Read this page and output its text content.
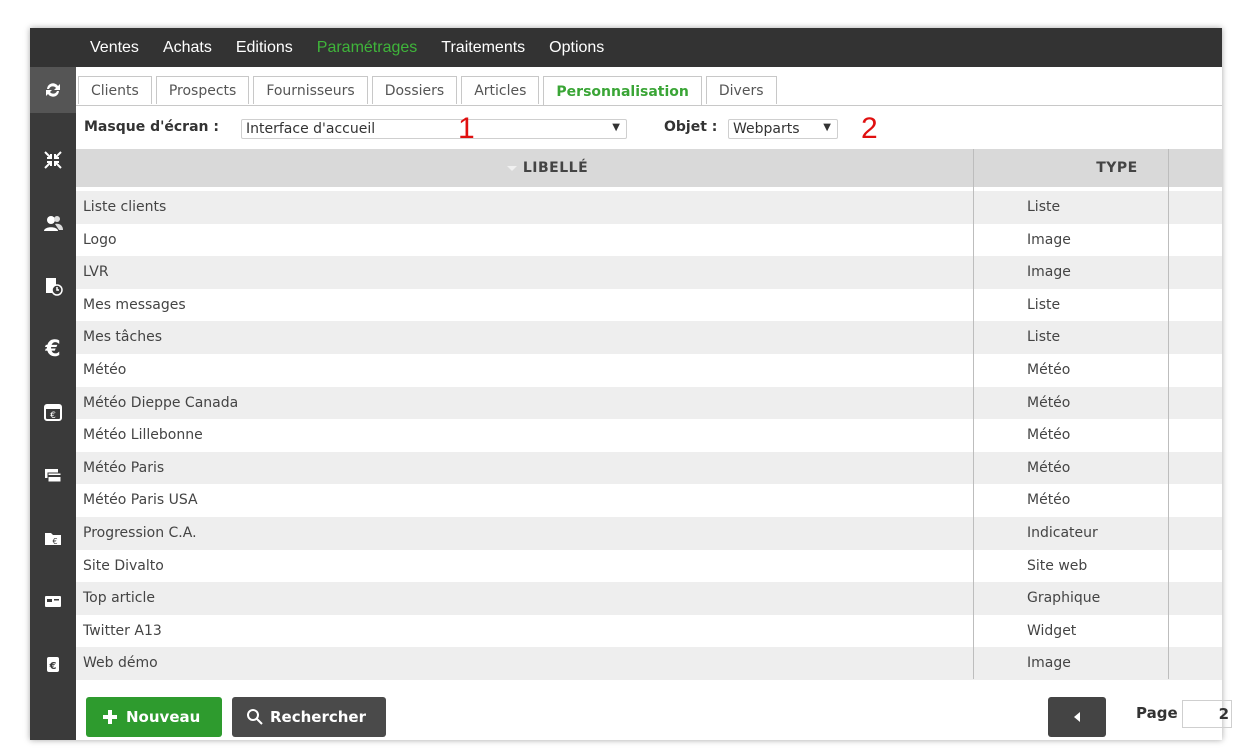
Ventes Achats Editions Paramétrages Traitements Options
€
€
€
€
Clients	Prospects	Fournisseurs	Dossiers	Articles	Personnalisation	Divers
Masque d'écran : Interface d'accueil	▼
1	Objet : Webparts ▼ 2
LIBELLÉ	TYPE
Liste clients	Liste
Logo	Image
LVR	Image
Mes messages	Liste
Mes tâches	Liste
Météo	Météo
Météo Dieppe Canada	Météo
Météo Lillebonne	Météo
Météo Paris	Météo
Météo Paris USA	Météo
Progression C.A.	Indicateur
Site Divalto	Site web
Top article	Graphique
Twitter A13	Widget
Web démo	Image
Nouveau	Rechercher	Page	2
